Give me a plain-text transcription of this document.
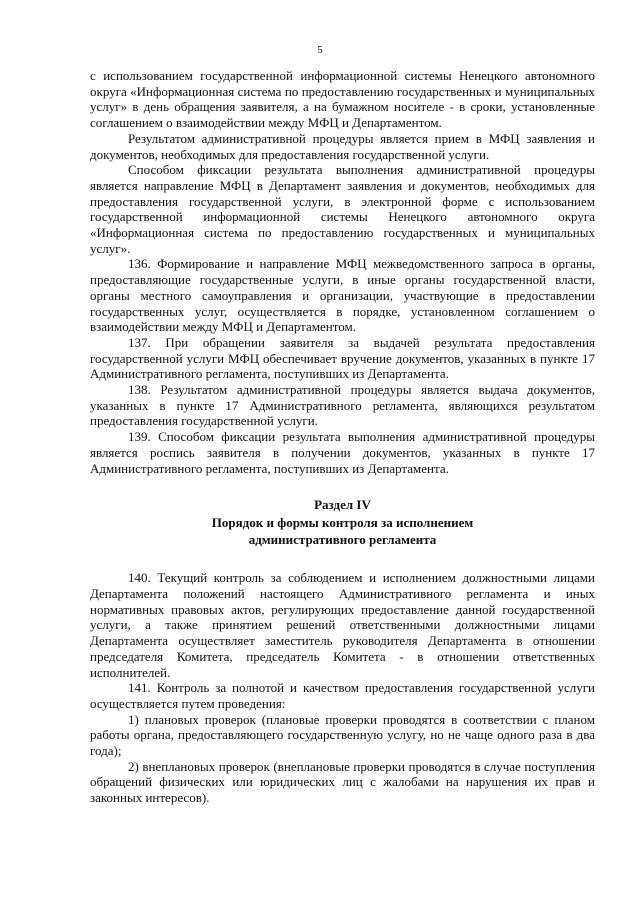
5

с использованием государственной информационной системы Ненецкого автономного округа «Информационная система по предоставлению государственных и муниципальных услуг» в день обращения заявителя, а на бумажном носителе - в сроки, установленные соглашением о взаимодействии между МФЦ и Департаментом.

Результатом административной процедуры является прием в МФЦ заявления и документов, необходимых для предоставления государственной услуги.

Способом фиксации результата выполнения административной процедуры является направление МФЦ в Департамент заявления и документов, необходимых для предоставления государственной услуги, в электронной форме с использованием государственной информационной системы Ненецкого автономного округа «Информационная система по предоставлению государственных и муниципальных услуг».

136. Формирование и направление МФЦ межведомственного запроса в органы, предоставляющие государственные услуги, в иные органы государственной власти, органы местного самоуправления и организации, участвующие в предоставлении государственных услуг, осуществляется в порядке, установленном соглашением о взаимодействии между МФЦ и Департаментом.

137. При обращении заявителя за выдачей результата предоставления государственной услуги МФЦ обеспечивает вручение документов, указанных в пункте 17 Административного регламента, поступивших из Департамента.

138. Результатом административной процедуры является выдача документов, указанных в пункте 17 Административного регламента, являющихся результатом предоставления государственной услуги.

139. Способом фиксации результата выполнения административной процедуры является роспись заявителя в получении документов, указанных в пункте 17 Административного регламента, поступивших из Департамента.

Раздел IV
Порядок и формы контроля за исполнением
административного регламента

140. Текущий контроль за соблюдением и исполнением должностными лицами Департамента положений настоящего Административного регламента и иных нормативных правовых актов, регулирующих предоставление данной государственной услуги, а также принятием решений ответственными должностными лицами Департамента осуществляет заместитель руководителя Департамента в отношении председателя Комитета, председатель Комитета - в отношении ответственных исполнителей.

141. Контроль за полнотой и качеством предоставления государственной услуги осуществляется путем проведения:

1) плановых проверок (плановые проверки проводятся в соответствии с планом работы органа, предоставляющего государственную услугу, но не чаще одного раза в два года);

2) внеплановых проверок (внеплановые проверки проводятся в случае поступления обращений физических или юридических лиц с жалобами на нарушения их прав и законных интересов).
